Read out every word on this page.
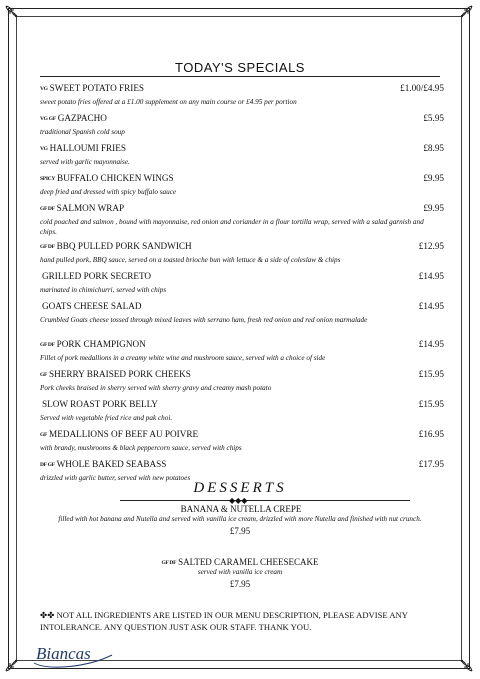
TODAY'S SPECIALS
VG SWEET POTATO FRIES	£1.00/£4.95
sweet potato fries offered at a £1.00 supplement on any main course or £4.95 per portion
VG GF GAZPACHO	£5.95
traditional Spanish cold soup
VG HALLOUMI FRIES	£8.95
served with garlic mayonnaise.
SPICY BUFFALO CHICKEN WINGS	£9.95
deep fried and dressed with spicy buffalo sauce
GF DF SALMON WRAP	£9.95
cold poached and salmon , bound with mayonnaise, red onion and coriander in a flour tortilla wrap, served with a salad garnish and chips.
GF DF BBQ PULLED PORK SANDWICH	£12.95
hand pulled pork, BBQ sauce, served on a toasted brioche bun with lettuce & a side of coleslaw & chips
GRILLED PORK SECRETO	£14.95
marinated in chimichurri, served with chips
GOATS CHEESE SALAD	£14.95
Crumbled Goats cheese tossed through mixed leaves with serrano ham, fresh red onion and red onion marmalade
GF DF PORK CHAMPIGNON	£14.95
Fillet of pork medallions in a creamy white wine and mushroom sauce, served with a choice of side
GF SHERRY BRAISED PORK CHEEKS	£15.95
Pork cheeks braised in sherry served with sherry gravy and creamy mash potato
SLOW ROAST PORK BELLY	£15.95
Served with vegetable fried rice and pak choi.
GF MEDALLIONS OF BEEF AU POIVRE	£16.95
with brandy, mushrooms & black peppercorn sauce, served with chips
DF GF WHOLE BAKED SEABASS	£17.95
drizzled with garlic butter, served with new potatoes
DESSERTS
◆◆◆
BANANA & NUTELLA CREPE
filled with hot banana and Nutella and served with vanilla ice cream, drizzled with more Nutella and finished with nut crunch.
£7.95
GF DF SALTED CARAMEL CHEESECAKE
served with vanilla ice cream
£7.95
✤✤ NOT ALL INGREDIENTS ARE LISTED IN OUR MENU DESCRIPTION, PLEASE ADVISE ANY INTOLERANCE. ANY QUESTION JUST ASK OUR STAFF. THANK YOU.
Biancas
